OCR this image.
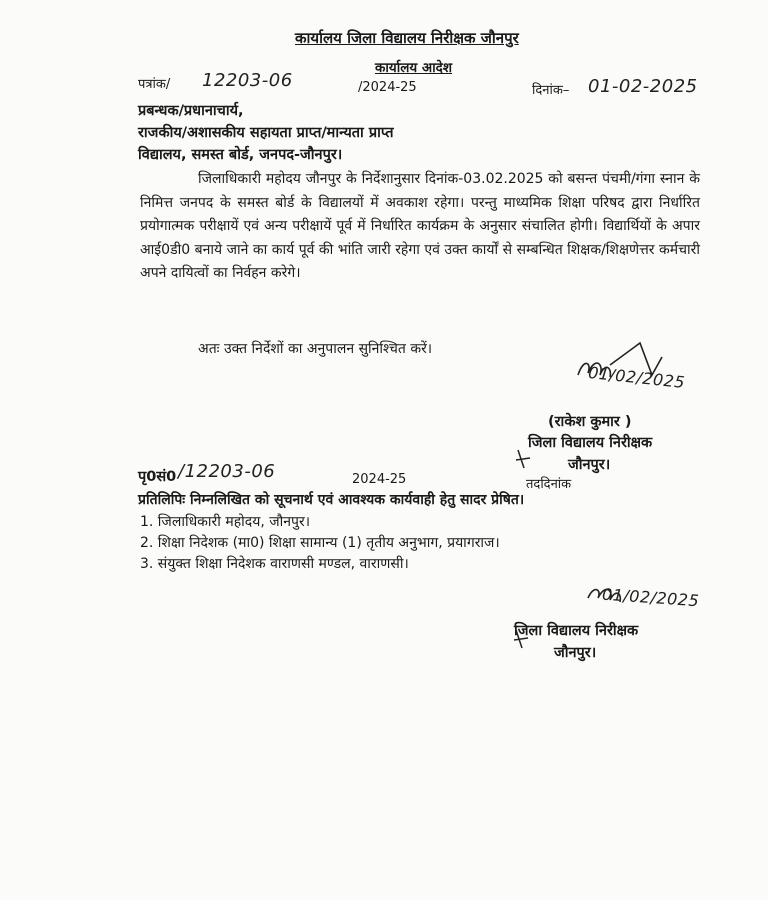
कार्यालय जिला विद्यालय निरीक्षक जौनपुर
कार्यालय आदेश
पत्रांक/ 12203-06	/2024-25	दिनांक– 01-02-2025
प्रबन्धक/प्रधानाचार्य,
राजकीय/अशासकीय सहायता प्राप्त/मान्यता प्राप्त
विद्यालय, समस्त बोर्ड, जनपद-जौनपुर।
जिलाधिकारी महोदय जौनपुर के निर्देशानुसार दिनांक-03.02.2025 को बसन्त पंचमी/गंगा स्नान के निमित्त जनपद के समस्त बोर्ड के विद्यालयों में अवकाश रहेगा। परन्तु माध्यमिक शिक्षा परिषद द्वारा निर्धारित प्रयोगात्मक परीक्षायें एवं अन्य परीक्षायें पूर्व में निर्धारित कार्यक्रम के अनुसार संचालित होगी। विद्यार्थियों के अपार आई0डी0 बनाये जाने का कार्य पूर्व की भांति जारी रहेगा एवं उक्त कार्यों से सम्बन्धित शिक्षक/शिक्षणेत्तर कर्मचारी अपने दायित्वों का निर्वहन करेगे।
अतः उक्त निर्देशों का अनुपालन सुनिश्चित करें।
01/02/2025
(राकेश कुमार )
जिला विद्यालय निरीक्षक
जौनपुर।
पृ0सं0 /12203-06	2024-25	तददिनांक
प्रतिलिपिः निम्नलिखित को सूचनार्थ एवं आवश्यक कार्यवाही हेतु सादर प्रेषित।
1. जिलाधिकारी महोदय, जौनपुर।
2. शिक्षा निदेशक (मा0) शिक्षा सामान्य (1) तृतीय अनुभाग, प्रयागराज।
3. संयुक्त शिक्षा निदेशक वाराणसी मण्डल, वाराणसी।
01/02/2025
जिला विद्यालय निरीक्षक
जौनपुर।
